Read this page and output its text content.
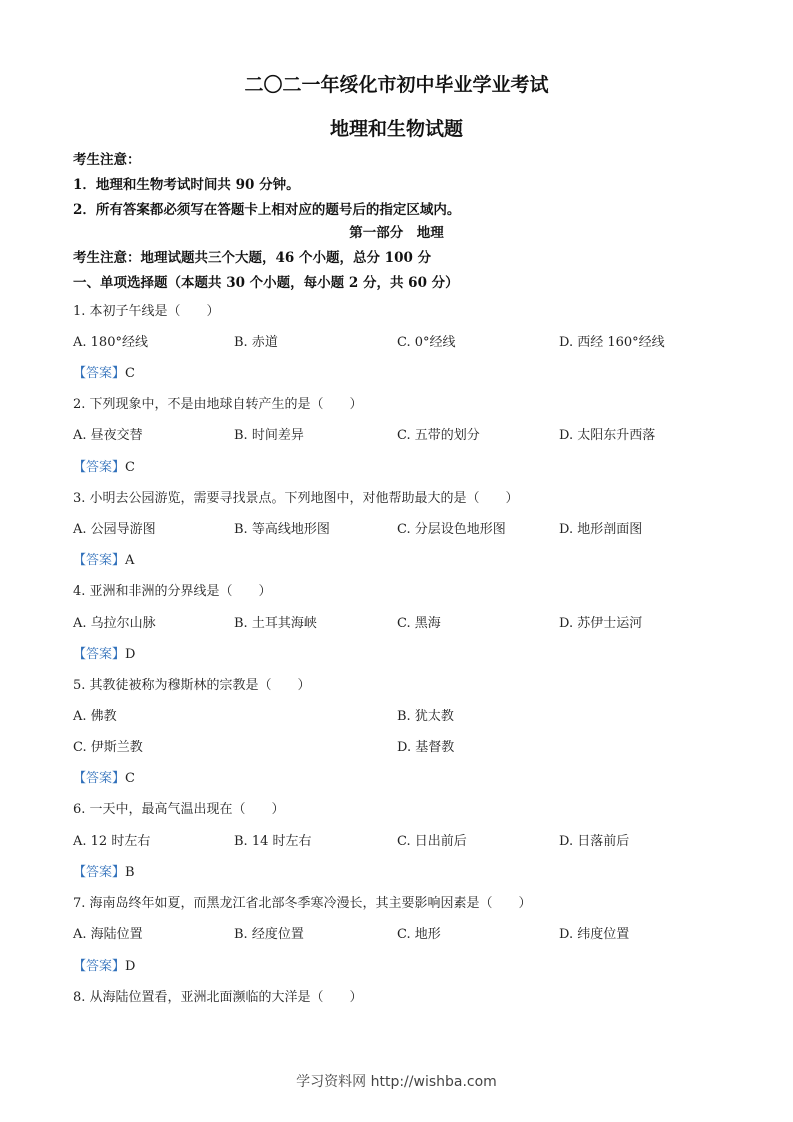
二〇二一年绥化市初中毕业学业考试
地理和生物试题
考生注意：
1．地理和生物考试时间共 90 分钟。
2．所有答案都必须写在答题卡上相对应的题号后的指定区域内。
第一部分　地理
考生注意：地理试题共三个大题，46 个小题，总分 100 分
一、单项选择题（本题共 30 个小题，每小题 2 分，共 60 分）
1. 本初子午线是（　　）
A. 180°经线	B. 赤道	C. 0°经线	D. 西经 160°经线
【答案】C
2. 下列现象中，不是由地球自转产生的是（　　）
A. 昼夜交替	B. 时间差异	C. 五带的划分	D. 太阳东升西落
【答案】C
3. 小明去公园游览，需要寻找景点。下列地图中，对他帮助最大的是（　　）
A. 公园导游图	B. 等高线地形图	C. 分层设色地形图	D. 地形剖面图
【答案】A
4. 亚洲和非洲的分界线是（　　）
A. 乌拉尔山脉	B. 土耳其海峡	C. 黑海	D. 苏伊士运河
【答案】D
5. 其教徒被称为穆斯林的宗教是（　　）
A. 佛教	B. 犹太教
C. 伊斯兰教	D. 基督教
【答案】C
6. 一天中，最高气温出现在（　　）
A. 12 时左右	B. 14 时左右	C. 日出前后	D. 日落前后
【答案】B
7. 海南岛终年如夏，而黑龙江省北部冬季寒冷漫长，其主要影响因素是（　　）
A. 海陆位置	B. 经度位置	C. 地形	D. 纬度位置
【答案】D
8. 从海陆位置看，亚洲北面濒临的大洋是（　　）
学习资料网 http://wishba.com
